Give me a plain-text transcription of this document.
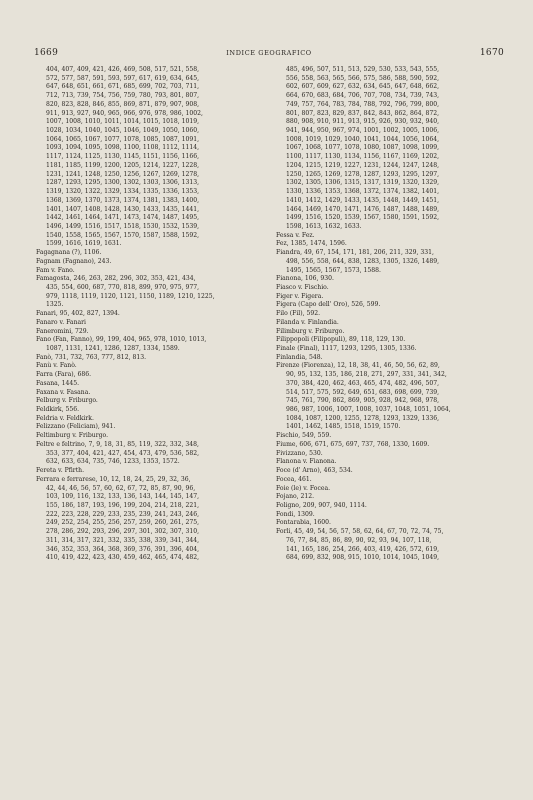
1669	INDICE GEOGRAFICO	1670
404, 407, 409, 421, 426, 469, 508, 517, 521, 558,
572, 577, 587, 591, 593, 597, 617, 619, 634, 645,
647, 648, 651, 661, 671, 685, 699, 702, 703, 711,
712, 713, 739, 754, 756, 759, 780, 793, 801, 807,
820, 823, 828, 846, 855, 869, 871, 879, 907, 908,
911, 913, 927, 940, 965, 966, 976, 978, 986, 1002,
1007, 1008, 1010, 1011, 1014, 1015, 1018, 1019,
1028, 1034, 1040, 1045, 1046, 1049, 1050, 1060,
1064, 1065, 1067, 1077, 1078, 1085, 1087, 1091,
1093, 1094, 1095, 1098, 1100, 1108, 1112, 1114,
1117, 1124, 1125, 1130, 1145, 1151, 1156, 1166,
1181, 1185, 1199, 1200, 1205, 1214, 1227, 1228,
1231, 1241, 1248, 1250, 1256, 1267, 1269, 1278,
1287, 1293, 1295, 1300, 1302, 1303, 1306, 1313,
1319, 1320, 1322, 1329, 1334, 1335, 1336, 1353,
1368, 1369, 1370, 1373, 1374, 1381, 1383, 1400,
1401, 1407, 1408, 1428, 1430, 1433, 1435, 1441,
1442, 1461, 1464, 1471, 1473, 1474, 1487, 1495,
1496, 1499, 1516, 1517, 1518, 1530, 1532, 1539,
1540, 1558, 1565, 1567, 1570, 1587, 1588, 1592,
1599, 1616, 1619, 1631.
Fagagnana (?), 1106.
Fagnam (Fagnano), 243.
Fam v. Fano.
Famagosta, 246, 263, 282, 296, 302, 353, 421, 434,
435, 554, 600, 687, 770, 818, 899, 970, 975, 977,
979, 1118, 1119, 1120, 1121, 1150, 1189, 1210, 1225,
1325.
Fanari, 95, 402, 827, 1394.
Fanaro v. Fanari
Faneromini, 729.
Fano (Fan, Fanno), 99, 199, 404, 965, 978, 1010, 1013,
1087, 1131, 1241, 1286, 1287, 1334, 1589.
Fanò, 731, 732, 763, 777, 812, 813.
Fanù v. Fanò.
Farra (Fara), 686.
Fasana, 1445.
Faxana v. Fasana.
Felburg v. Friburgo.
Feldkirk, 556.
Feldria v. Feldkirk.
Felizzano (Feliciam), 941.
Feltimburg v. Friburgo.
Feltre e feltrino, 7, 9, 18, 31, 85, 119, 322, 332, 348,
353, 377, 404, 421, 427, 454, 473, 479, 536, 582,
632, 633, 634, 735, 746, 1233, 1353, 1572.
Fereta v. Pfirth.
Ferrara e ferrarese, 10, 12, 18, 24, 25, 29, 32, 36,
42, 44, 46, 56, 57, 60, 62, 67, 72, 85, 87, 90, 96,
103, 109, 116, 132, 133, 136, 143, 144, 145, 147,
155, 186, 187, 193, 196, 199, 204, 214, 218, 221,
222, 223, 228, 229, 233, 235, 239, 241, 243, 246,
249, 252, 254, 255, 256, 257, 259, 260, 261, 275,
278, 286, 292, 293, 296, 297, 301, 302, 307, 310,
311, 314, 317, 321, 332, 335, 338, 339, 341, 344,
346, 352, 353, 364, 368, 369, 376, 391, 396, 404,
410, 419, 422, 423, 430, 459, 462, 465, 474, 482,
485, 496, 507, 511, 513, 529, 530, 533, 543, 555,
556, 558, 563, 565, 566, 575, 586, 588, 590, 592,
602, 607, 609, 627, 632, 634, 645, 647, 648, 662,
664, 670, 683, 684, 706, 707, 708, 734, 739, 743,
749, 757, 764, 783, 784, 788, 792, 796, 799, 800,
801, 807, 823, 829, 837, 842, 843, 862, 864, 872,
880, 908, 910, 911, 913, 915, 926, 930, 932, 940,
941, 944, 950, 967, 974, 1001, 1002, 1005, 1006,
1008, 1019, 1029, 1040, 1041, 1044, 1056, 1064,
1067, 1068, 1077, 1078, 1080, 1087, 1098, 1099,
1100, 1117, 1130, 1134, 1156, 1167, 1169, 1202,
1204, 1215, 1219, 1227, 1231, 1244, 1247, 1248,
1250, 1265, 1269, 1278, 1287, 1293, 1295, 1297,
1302, 1305, 1306, 1315, 1317, 1319, 1320, 1329,
1330, 1336, 1353, 1368, 1372, 1374, 1382, 1401,
1410, 1412, 1429, 1433, 1435, 1448, 1449, 1451,
1464, 1469, 1470, 1471, 1476, 1487, 1488, 1489,
1499, 1516, 1520, 1539, 1567, 1580, 1591, 1592,
1598, 1613, 1632, 1633.
Fessa v. Fez.
Fez, 1385, 1474, 1596.
Fiandra, 49, 67, 154, 171, 181, 206, 211, 329, 331,
498, 556, 558, 644, 838, 1283, 1305, 1326, 1489,
1495, 1565, 1567, 1573, 1588.
Fianona, 106, 930.
Fiasco v. Fischio.
Figer v. Figera.
Figera (Capo dell' Oro), 526, 599.
Filo (Fil), 592.
Filanda v. Finlandia.
Filimburg v. Friburgo.
Filippopoli (Filipopuli), 89, 118, 129, 130.
Finale (Final), 1117, 1293, 1295, 1305, 1336.
Finlandia, 548.
Firenze (Fiorenza), 12, 18, 38, 41, 46, 50, 56, 62, 89,
90, 95, 132, 135, 186, 218, 271, 297, 331, 341, 342,
370, 384, 420, 462, 463, 465, 474, 482, 496, 507,
514, 517, 575, 592, 649, 651, 683, 698, 699, 739,
745, 761, 790, 862, 869, 905, 928, 942, 968, 978,
986, 987, 1006, 1007, 1008, 1037, 1048, 1051, 1064,
1084, 1087, 1200, 1255, 1278, 1293, 1329, 1336,
1401, 1462, 1485, 1518, 1519, 1570.
Fischio, 549, 559.
Fiume, 606, 671, 675, 697, 737, 768, 1330, 1609.
Fivizzano, 530.
Flanona v. Fianona.
Foce (d' Arno), 463, 534.
Focea, 461.
Foie (le) v. Focea.
Fojano, 212.
Foligno, 209, 907, 940, 1114.
Fondi, 1309.
Fontarabia, 1600.
Forli, 45, 49, 54, 56, 57, 58, 62, 64, 67, 70, 72, 74, 75,
76, 77, 84, 85, 86, 89, 90, 92, 93, 94, 107, 118,
141, 165, 186, 254, 266, 403, 419, 426, 572, 619,
684, 699, 832, 908, 915, 1010, 1014, 1045, 1049,
